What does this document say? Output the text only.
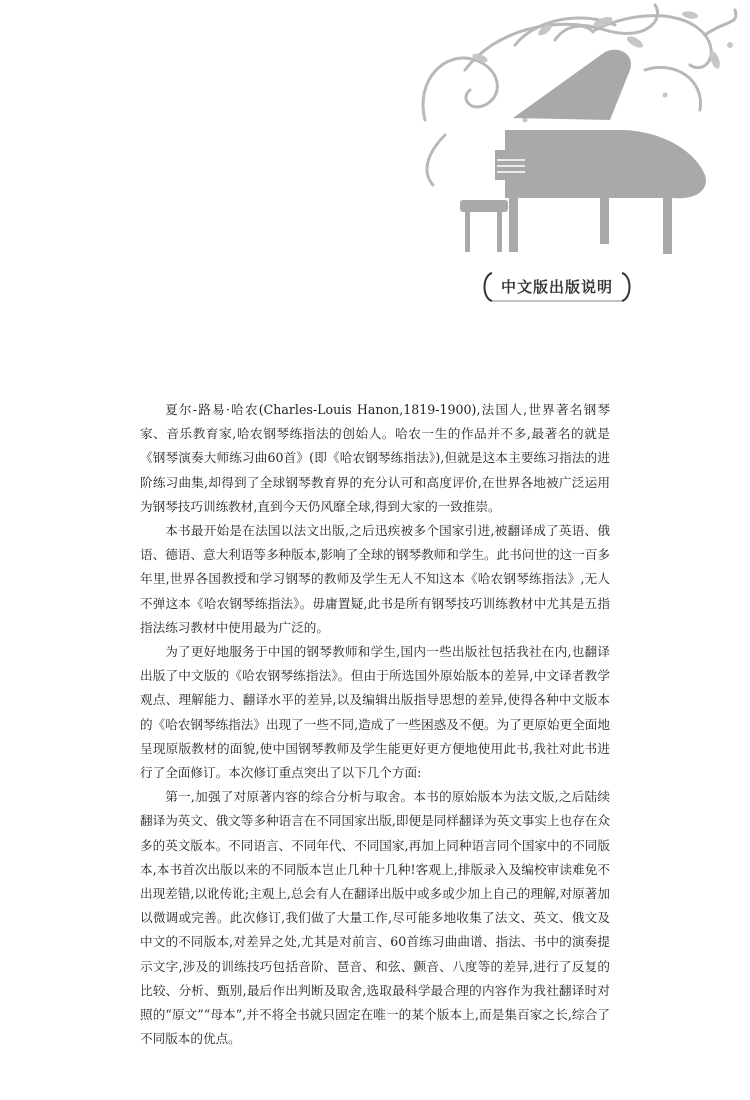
中文版出版说明

夏尔-路易·哈农(Charles-Louis Hanon,1819-1900),法国人,世界著名钢琴家、音乐教育家,哈农钢琴练指法的创始人。哈农一生的作品并不多,最著名的就是《钢琴演奏大师练习曲60首》(即《哈农钢琴练指法》),但就是这本主要练习指法的进阶练习曲集,却得到了全球钢琴教育界的充分认可和高度评价,在世界各地被广泛运用为钢琴技巧训练教材,直到今天仍风靡全球,得到大家的一致推崇。

本书最开始是在法国以法文出版,之后迅疾被多个国家引进,被翻译成了英语、俄语、德语、意大利语等多种版本,影响了全球的钢琴教师和学生。此书问世的这一百多年里,世界各国教授和学习钢琴的教师及学生无人不知这本《哈农钢琴练指法》,无人不弹这本《哈农钢琴练指法》。毋庸置疑,此书是所有钢琴技巧训练教材中尤其是五指指法练习教材中使用最为广泛的。

为了更好地服务于中国的钢琴教师和学生,国内一些出版社包括我社在内,也翻译出版了中文版的《哈农钢琴练指法》。但由于所选国外原始版本的差异,中文译者教学观点、理解能力、翻译水平的差异,以及编辑出版指导思想的差异,使得各种中文版本的《哈农钢琴练指法》出现了一些不同,造成了一些困惑及不便。为了更原始更全面地呈现原版教材的面貌,使中国钢琴教师及学生能更好更方便地使用此书,我社对此书进行了全面修订。本次修订重点突出了以下几个方面:

第一,加强了对原著内容的综合分析与取舍。本书的原始版本为法文版,之后陆续翻译为英文、俄文等多种语言在不同国家出版,即便是同样翻译为英文事实上也存在众多的英文版本。不同语言、不同年代、不同国家,再加上同种语言同个国家中的不同版本,本书首次出版以来的不同版本岂止几种十几种!客观上,排版录入及编校审读难免不出现差错,以讹传讹;主观上,总会有人在翻译出版中或多或少加上自己的理解,对原著加以微调或完善。此次修订,我们做了大量工作,尽可能多地收集了法文、英文、俄文及中文的不同版本,对差异之处,尤其是对前言、60首练习曲曲谱、指法、书中的演奏提示文字,涉及的训练技巧包括音阶、琶音、和弦、颤音、八度等的差异,进行了反复的比较、分析、甄别,最后作出判断及取舍,选取最科学最合理的内容作为我社翻译时对照的“原文”“母本”,并不将全书就只固定在唯一的某个版本上,而是集百家之长,综合了不同版本的优点。
